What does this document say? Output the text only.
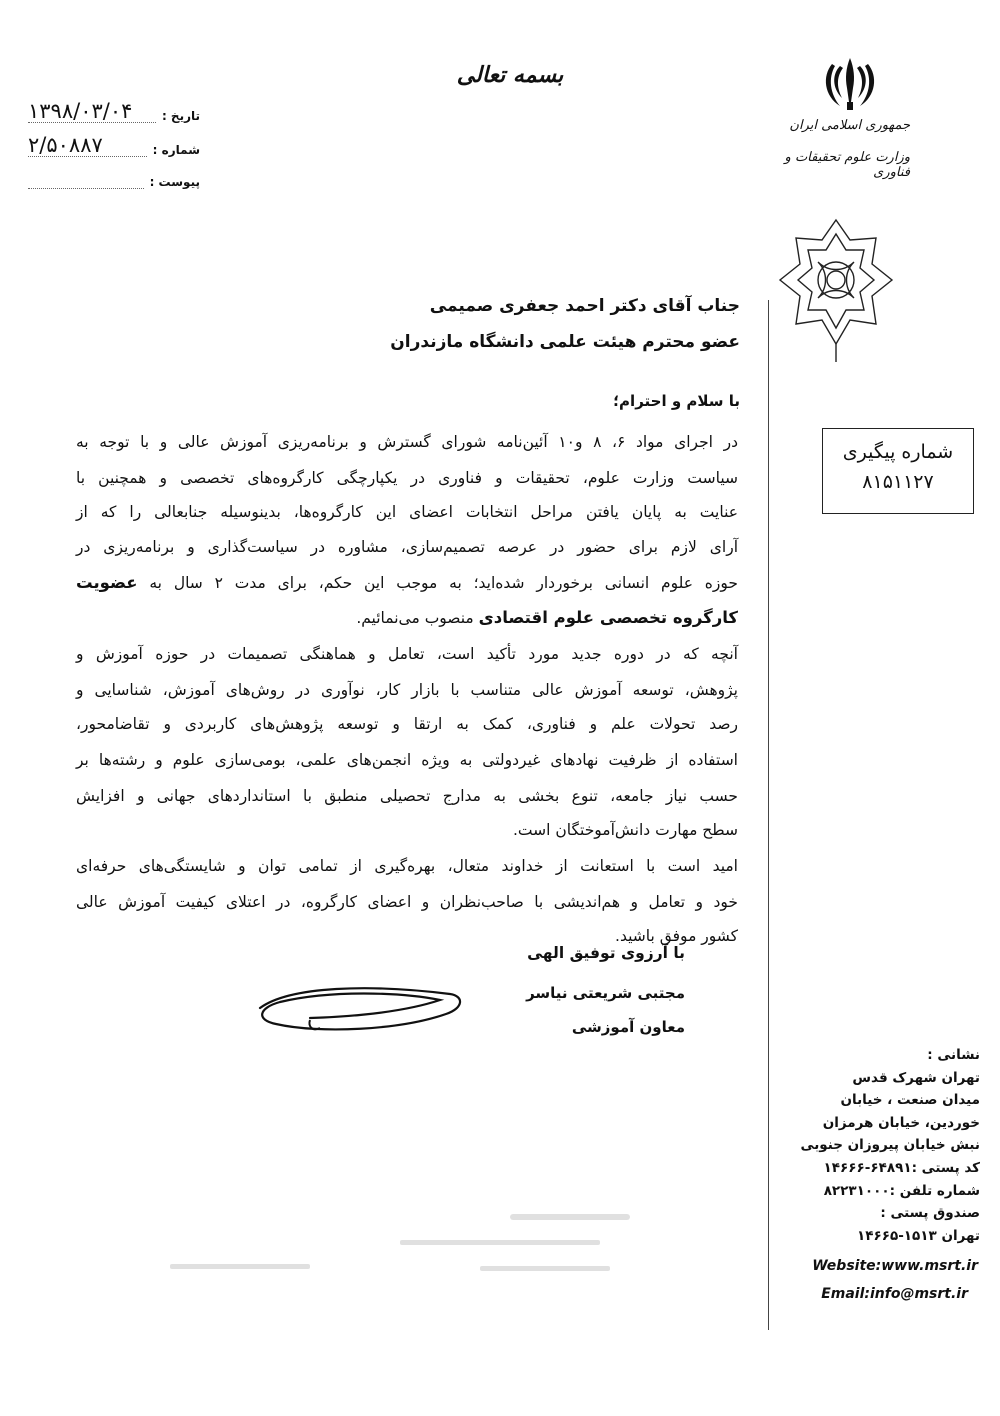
بسمه تعالی
تاریخ :
۱۳۹۸/۰۳/۰۴
شماره :
۲/۵۰۸۸۷
پیوست :
جمهوری اسلامی ایران
وزارت علوم تحقیقات و فناوری
شماره پیگیری
۸۱۵۱۱۲۷
جناب آقای دکتر احمد جعفری صمیمی
عضو محترم هیئت علمی دانشگاه مازندران
با سلام و احترام؛
در اجرای مواد ۶، ۸ و۱۰ آئین‌نامه شورای گسترش و برنامه‌ریزی آموزش عالی و با توجه به
سیاست وزارت علوم، تحقیقات و فناوری در یکپارچگی کارگروه‌های تخصصی و همچنین با
عنایت به پایان یافتن مراحل انتخابات اعضای این کارگروه‌ها، بدینوسیله جنابعالی را که از
آرای لازم برای حضور در عرصه تصمیم‌سازی، مشاوره در سیاست‌گذاری و برنامه‌ریزی در
حوزه علوم انسانی برخوردار شده‌اید؛ به موجب این حکم، برای مدت ۲ سال به عضویت
کارگروه تخصصی علوم اقتصادی منصوب می‌نمائیم.
آنچه که در دوره جدید مورد تأکید است، تعامل و هماهنگی تصمیمات در حوزه آموزش و
پژوهش، توسعه آموزش عالی متناسب با بازار کار، نوآوری در روش‌های آموزش، شناسایی و
رصد تحولات علم و فناوری، کمک به ارتقا و توسعه پژوهش‌های کاربردی و تقاضامحور،
استفاده از ظرفیت نهادهای غیردولتی به ویژه انجمن‌های علمی، بومی‌سازی علوم و رشته‌ها بر
حسب نیاز جامعه، تنوع بخشی به مدارج تحصیلی منطبق با استانداردهای جهانی و افزایش
سطح مهارت دانش‌آموختگان است.
امید است با استعانت از خداوند متعال، بهره‌گیری از تمامی توان و شایستگی‌های حرفه‌ای
خود و تعامل و هم‌اندیشی با صاحب‌نظران و اعضای کارگروه، در اعتلای کیفیت آموزش عالی
کشور موفق باشید.
با آرزوی توفیق الهی
مجتبی شریعتی نیاسر
معاون آموزشی
نشانی :
تهران شهرک قدس
میدان صنعت ، خیابان
خوردین، خیابان هرمزان
نبش خیابان پیروزان جنوبی
کد پستی :۶۴۸۹۱-۱۴۶۶۶
شماره تلفن :۸۲۲۳۱۰۰۰
صندوق پستی :
تهران ۱۵۱۳-۱۴۶۶۵
Website:www.msrt.ir
Email:info@msrt.ir
